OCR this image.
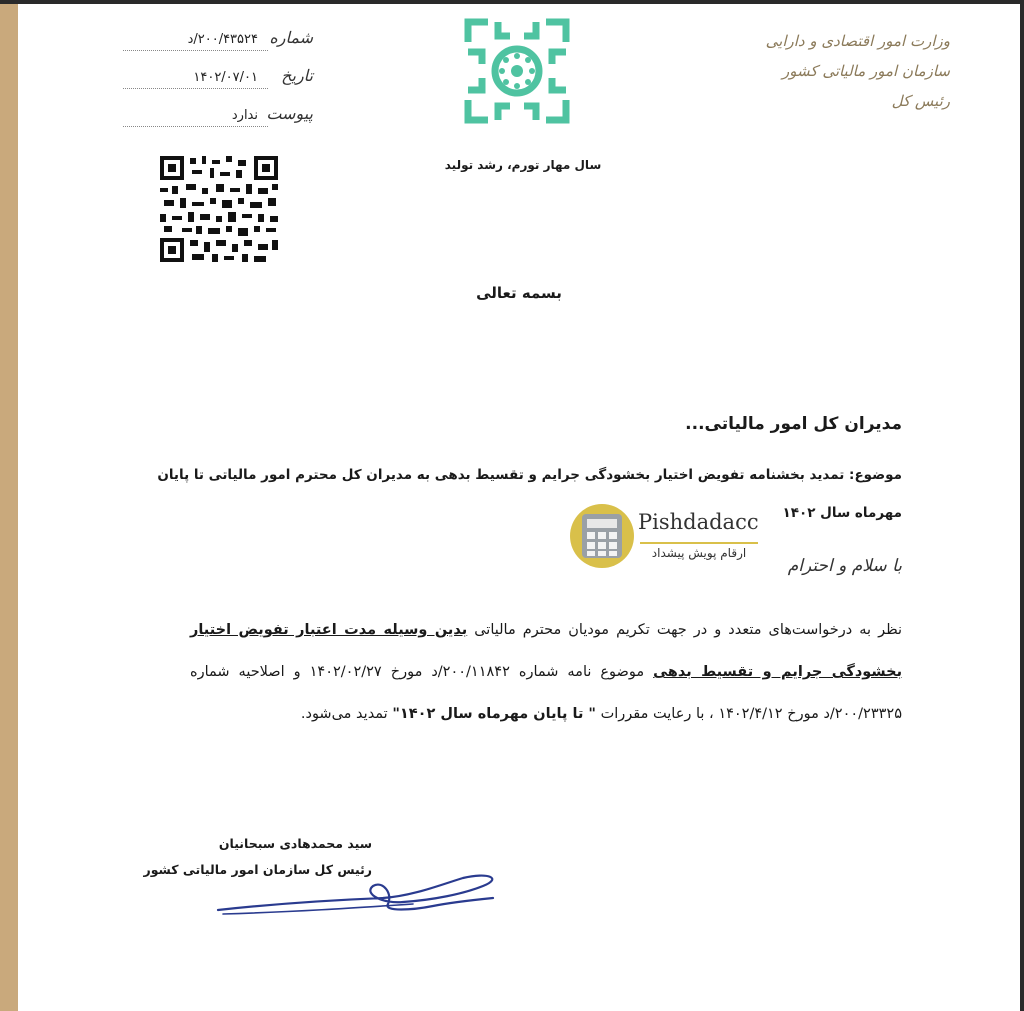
وزارت امور اقتصادی و دارایی
سازمان امور مالیاتی کشور
رئیس کل
شماره
۲۰۰/۴۳۵۲۴/د
تاریخ
۱۴۰۲/۰۷/۰۱
پیوست
ندارد
سال مهار تورم، رشد تولید
بسمه تعالی
مدیران کل امور مالیاتی...
موضوع: تمدید بخشنامه تفویض اختیار بخشودگی جرایم و تقسیط بدهی به مدیران کل محترم امور مالیاتی تا پایان مهرماه سال ۱۴۰۲
Pishdadacc
ارقام پویش پیشداد
با سلام و احترام
نظر به درخواست‌های متعدد و در جهت تکریم مودیان محترم مالیاتی بدین وسیله مدت اعتبار تفویض اختیار بخشودگی جرایم و تقسیط بدهی موضوع نامه شماره ۲۰۰/۱۱۸۴۲/د مورخ ۱۴۰۲/۰۲/۲۷ و اصلاحیه شماره ۲۰۰/۲۳۳۲۵/د مورخ ۱۴۰۲/۴/۱۲ ، با رعایت مقررات " تا پایان مهرماه سال ۱۴۰۲" تمدید می‌شود.
سید محمدهادی سبحانیان
رئیس کل سازمان امور مالیاتی کشور
